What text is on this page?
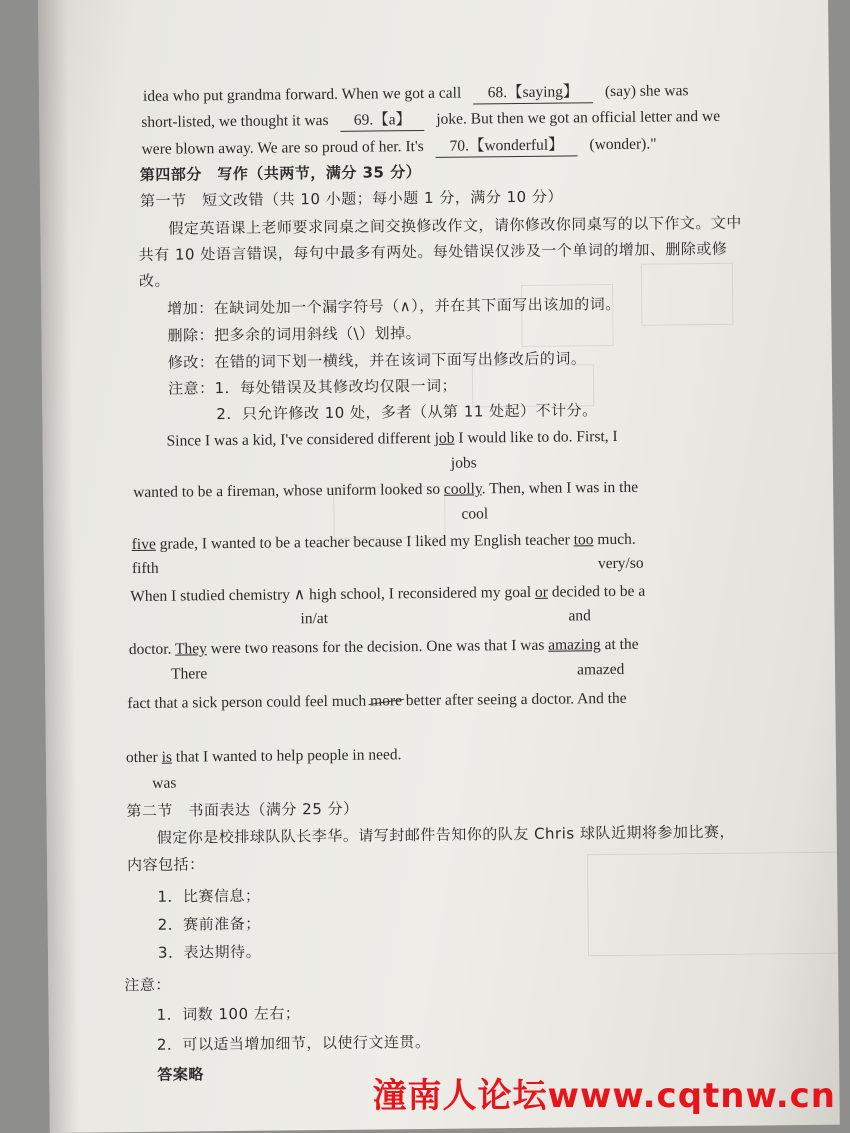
idea who put grandma forward. When we got a call 68.【saying】 (say) she was
short-listed, we thought it was 69.【a】 joke. But then we got an official letter and we
were blown away. We are so proud of her. It's 70.【wonderful】 (wonder)."
第四部分　写作（共两节，满分 35 分）
第一节　短文改错（共 10 小题；每小题 1 分，满分 10 分）
假定英语课上老师要求同桌之间交换修改作文，请你修改你同桌写的以下作文。文中
共有 10 处语言错误，每句中最多有两处。每处错误仅涉及一个单词的增加、删除或修
改。
增加：在缺词处加一个漏字符号（∧），并在其下面写出该加的词。
删除：把多余的词用斜线（\）划掉。
修改：在错的词下划一横线，并在该词下面写出修改后的词。
注意：1．每处错误及其修改均仅限一词；
2．只允许修改 10 处，多者（从第 11 处起）不计分。
Since I was a kid, I've considered different job I would like to do. First, I
jobs
wanted to be a fireman, whose uniform looked so coolly. Then, when I was in the
cool
five grade, I wanted to be a teacher because I liked my English teacher too much.
fifth	very/so
When I studied chemistry ∧ high school, I reconsidered my goal or decided to be a
in/at	and
doctor. They were two reasons for the decision. One was that I was amazing at the
There	amazed
fact that a sick person could feel much more better after seeing a doctor. And the
other is that I wanted to help people in need.
was
第二节　书面表达（满分 25 分）
假定你是校排球队队长李华。请写封邮件告知你的队友 Chris 球队近期将参加比赛，
内容包括：
1．比赛信息；
2．赛前准备；
3．表达期待。
注意：
1．词数 100 左右；
2．可以适当增加细节，以使行文连贯。
答案略
潼南人论坛www.cqtnw.cn
